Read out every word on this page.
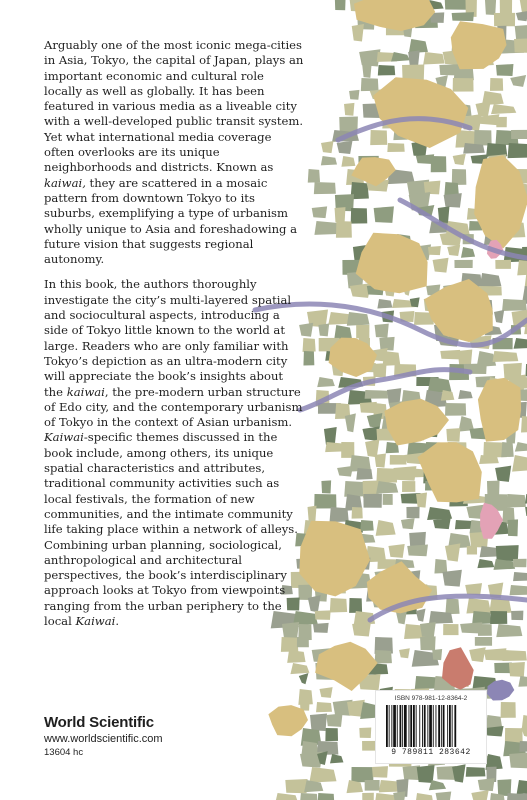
Arguably one of the most iconic mega-cities in Asia, Tokyo, the capital of Japan, plays an important economic and cultural role locally as well as globally. It has been featured in various media as a liveable city with a well-developed public transit system. Yet what international media coverage often overlooks are its unique neighborhoods and districts. Known as kaiwai, they are scattered in a mosaic pattern from downtown Tokyo to its suburbs, exemplifying a type of urbanism wholly unique to Asia and foreshadowing a future vision that suggests regional autonomy.

In this book, the authors thoroughly investigate the city’s multi-layered spatial and sociocultural aspects, introducing a side of Tokyo little known to the world at large. Readers who are only familiar with Tokyo’s depiction as an ultra-modern city will appreciate the book’s insights about the kaiwai, the pre-modern urban structure of Edo city, and the contemporary urbanism of Tokyo in the context of Asian urbanism. Kaiwai-specific themes discussed in the book include, among others, its unique spatial characteristics and attributes, traditional community activities such as local festivals, the formation of new communities, and the intimate community life taking place within a network of alleys. Combining urban planning, sociological, anthropological and architectural perspectives, the book’s interdisciplinary approach looks at Tokyo from viewpoints ranging from the urban periphery to the local Kaiwai.

World Scientific
www.worldscientific.com
13604 hc
ISBN 978-981-12-8364-2
9 789811 283642
